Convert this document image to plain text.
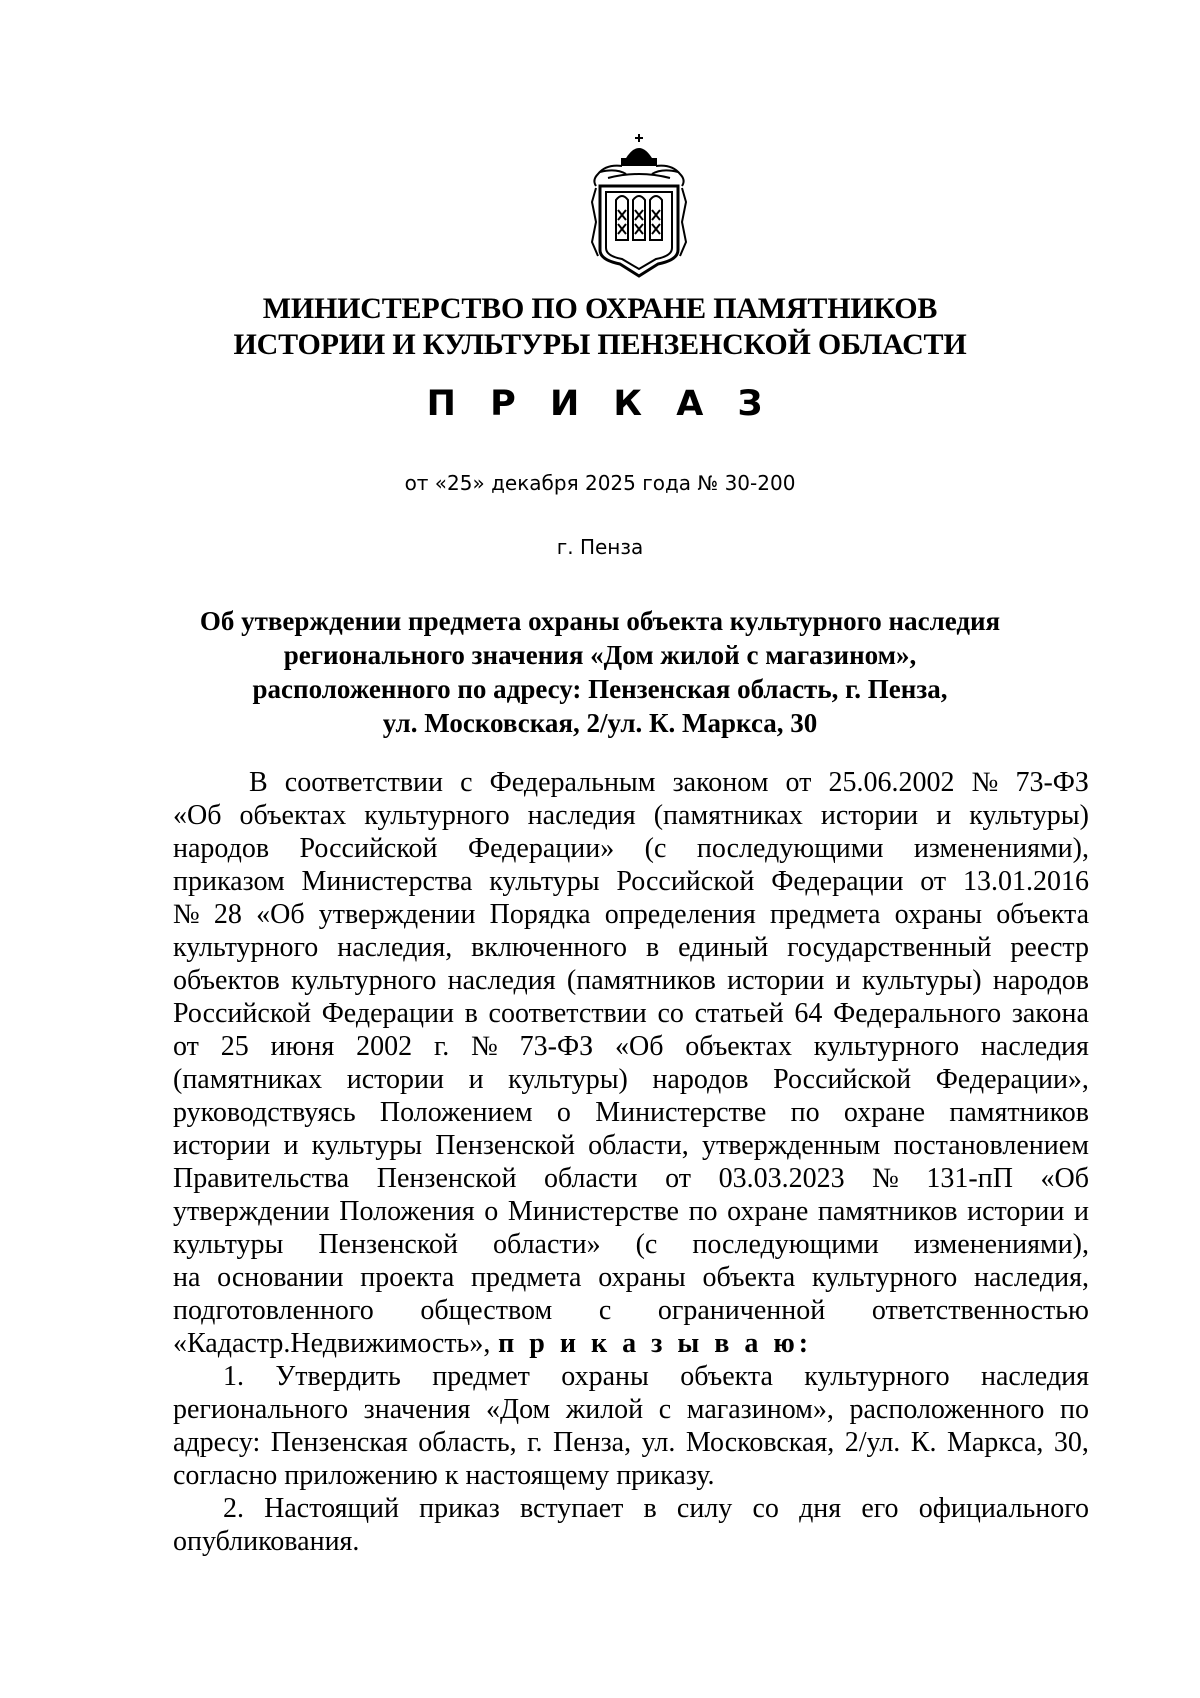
МИНИСТЕРСТВО ПО ОХРАНЕ ПАМЯТНИКОВ
ИСТОРИИ И КУЛЬТУРЫ ПЕНЗЕНСКОЙ ОБЛАСТИ
П Р И К А З
от «25» декабря 2025 года № 30-200
г. Пенза
Об утверждении предмета охраны объекта культурного наследия
регионального значения «Дом жилой с магазином»,
расположенного по адресу: Пензенская область, г. Пенза,
ул. Московская, 2/ул. К. Маркса, 30
В соответствии с Федеральным законом от 25.06.2002 № 73-ФЗ
«Об объектах культурного наследия (памятниках истории и культуры)
народов Российской Федерации» (с последующими изменениями),
приказом Министерства культуры Российской Федерации от 13.01.2016
№ 28 «Об утверждении Порядка определения предмета охраны объекта
культурного наследия, включенного в единый государственный реестр
объектов культурного наследия (памятников истории и культуры) народов
Российской Федерации в соответствии со статьей 64 Федерального закона
от 25 июня 2002 г. № 73-ФЗ «Об объектах культурного наследия
(памятниках истории и культуры) народов Российской Федерации»,
руководствуясь Положением о Министерстве по охране памятников
истории и культуры Пензенской области, утвержденным постановлением
Правительства Пензенской области от 03.03.2023 № 131-пП «Об
утверждении Положения о Министерстве по охране памятников истории и
культуры Пензенской области» (с последующими изменениями),
на основании проекта предмета охраны объекта культурного наследия,
подготовленного обществом с ограниченной ответственностью
«Кадастр.Недвижимость», п р и к а з ы в а ю:
1. Утвердить предмет охраны объекта культурного наследия
регионального значения «Дом жилой с магазином», расположенного по
адресу: Пензенская область, г. Пенза, ул. Московская, 2/ул. К. Маркса, 30,
согласно приложению к настоящему приказу.
2. Настоящий приказ вступает в силу со дня его официального
опубликования.
